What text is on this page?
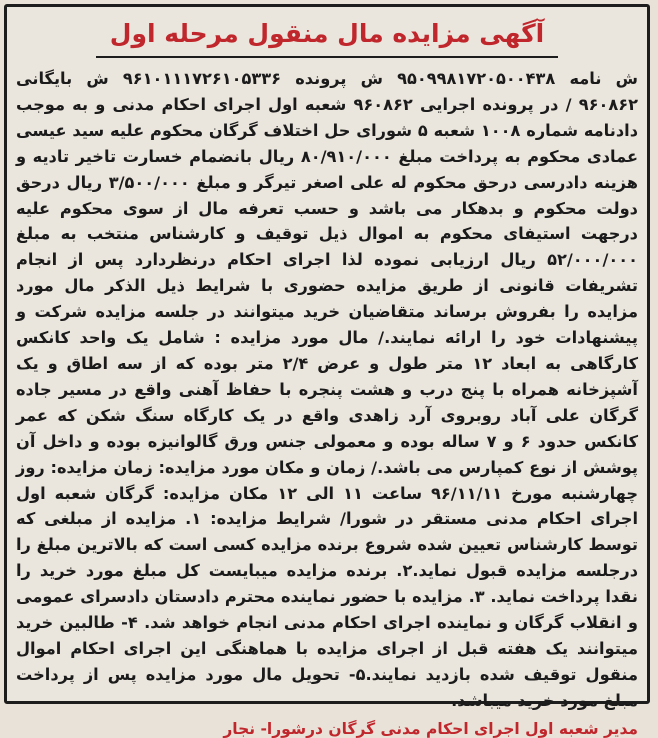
آگهی مزایده مال منقول مرحله اول

ش نامه ۹۵۰۹۹۸۱۷۲۰۵۰۰۴۳۸ ش پرونده ۹۶۱۰۱۱۱۷۲۶۱۰۵۳۳۶ ش بایگانی ۹۶۰۸۶۲ / در پرونده اجرایی ۹۶۰۸۶۲ شعبه اول اجرای احکام مدنی و به موجب دادنامه شماره ۱۰۰۸ شعبه ۵ شورای حل اختلاف گرگان محکوم علیه سید عیسی عمادی محکوم به پرداخت مبلغ ۸۰/۹۱۰/۰۰۰ ریال بانضمام خسارت تاخیر تادیه و هزینه دادرسی درحق محکوم له علی اصغر تیرگر و مبلغ ۳/۵۰۰/۰۰۰ ریال درحق دولت محکوم و بدهکار می باشد و حسب تعرفه مال از سوی محکوم علیه درجهت استیفای محکوم به اموال ذیل توقیف و کارشناس منتخب به مبلغ ۵۲/۰۰۰/۰۰۰ ریال ارزیابی نموده لذا اجرای احکام درنظردارد پس از انجام تشریفات قانونی از طریق مزایده حضوری با شرایط ذیل الذکر مال مورد مزایده را بفروش برساند متقاضیان خرید میتوانند در جلسه مزایده شرکت و پیشنهادات خود را ارائه نمایند./ مال مورد مزایده : شامل یک واحد کانکس کارگاهی به ابعاد ۱۲ متر طول و عرض ۲/۴ متر بوده که از سه اطاق و یک آشپزخانه همراه با پنج درب و هشت پنجره با حفاظ آهنی واقع در مسیر جاده گرگان علی آباد روبروی آرد زاهدی واقع در یک کارگاه سنگ شکن که عمر کانکس حدود ۶ و ۷ ساله بوده و معمولی جنس ورق گالوانیزه بوده و داخل آن پوشش از نوع کمپارس می باشد./ زمان و مکان مورد مزایده: زمان مزایده: روز چهارشنبه مورخ ۹۶/۱۱/۱۱ ساعت ۱۱ الی ۱۲ مکان مزایده: گرگان شعبه اول اجرای احکام مدنی مستقر در شورا/ شرایط مزایده: ۱. مزایده از مبلغی که توسط کارشناس تعیین شده شروع برنده مزایده کسی است که بالاترین مبلغ را درجلسه مزایده قبول نماید.۲. برنده مزایده میبایست کل مبلغ مورد خرید را نقدا پرداخت نماید. ۳. مزایده با حضور نماینده محترم دادستان دادسرای عمومی و انقلاب گرگان و نماینده اجرای احکام مدنی انجام خواهد شد. ۴- طالبین خرید میتوانند یک هفته قبل از اجرای مزایده با هماهنگی این اجرای احکام اموال منقول توقیف شده بازدید نمایند.۵- تحویل مال مورد مزایده پس از پرداخت مبلغ مورد خرید میباشد.

مدیر شعبه اول اجرای احکام مدنی گرگان درشورا- نجار
